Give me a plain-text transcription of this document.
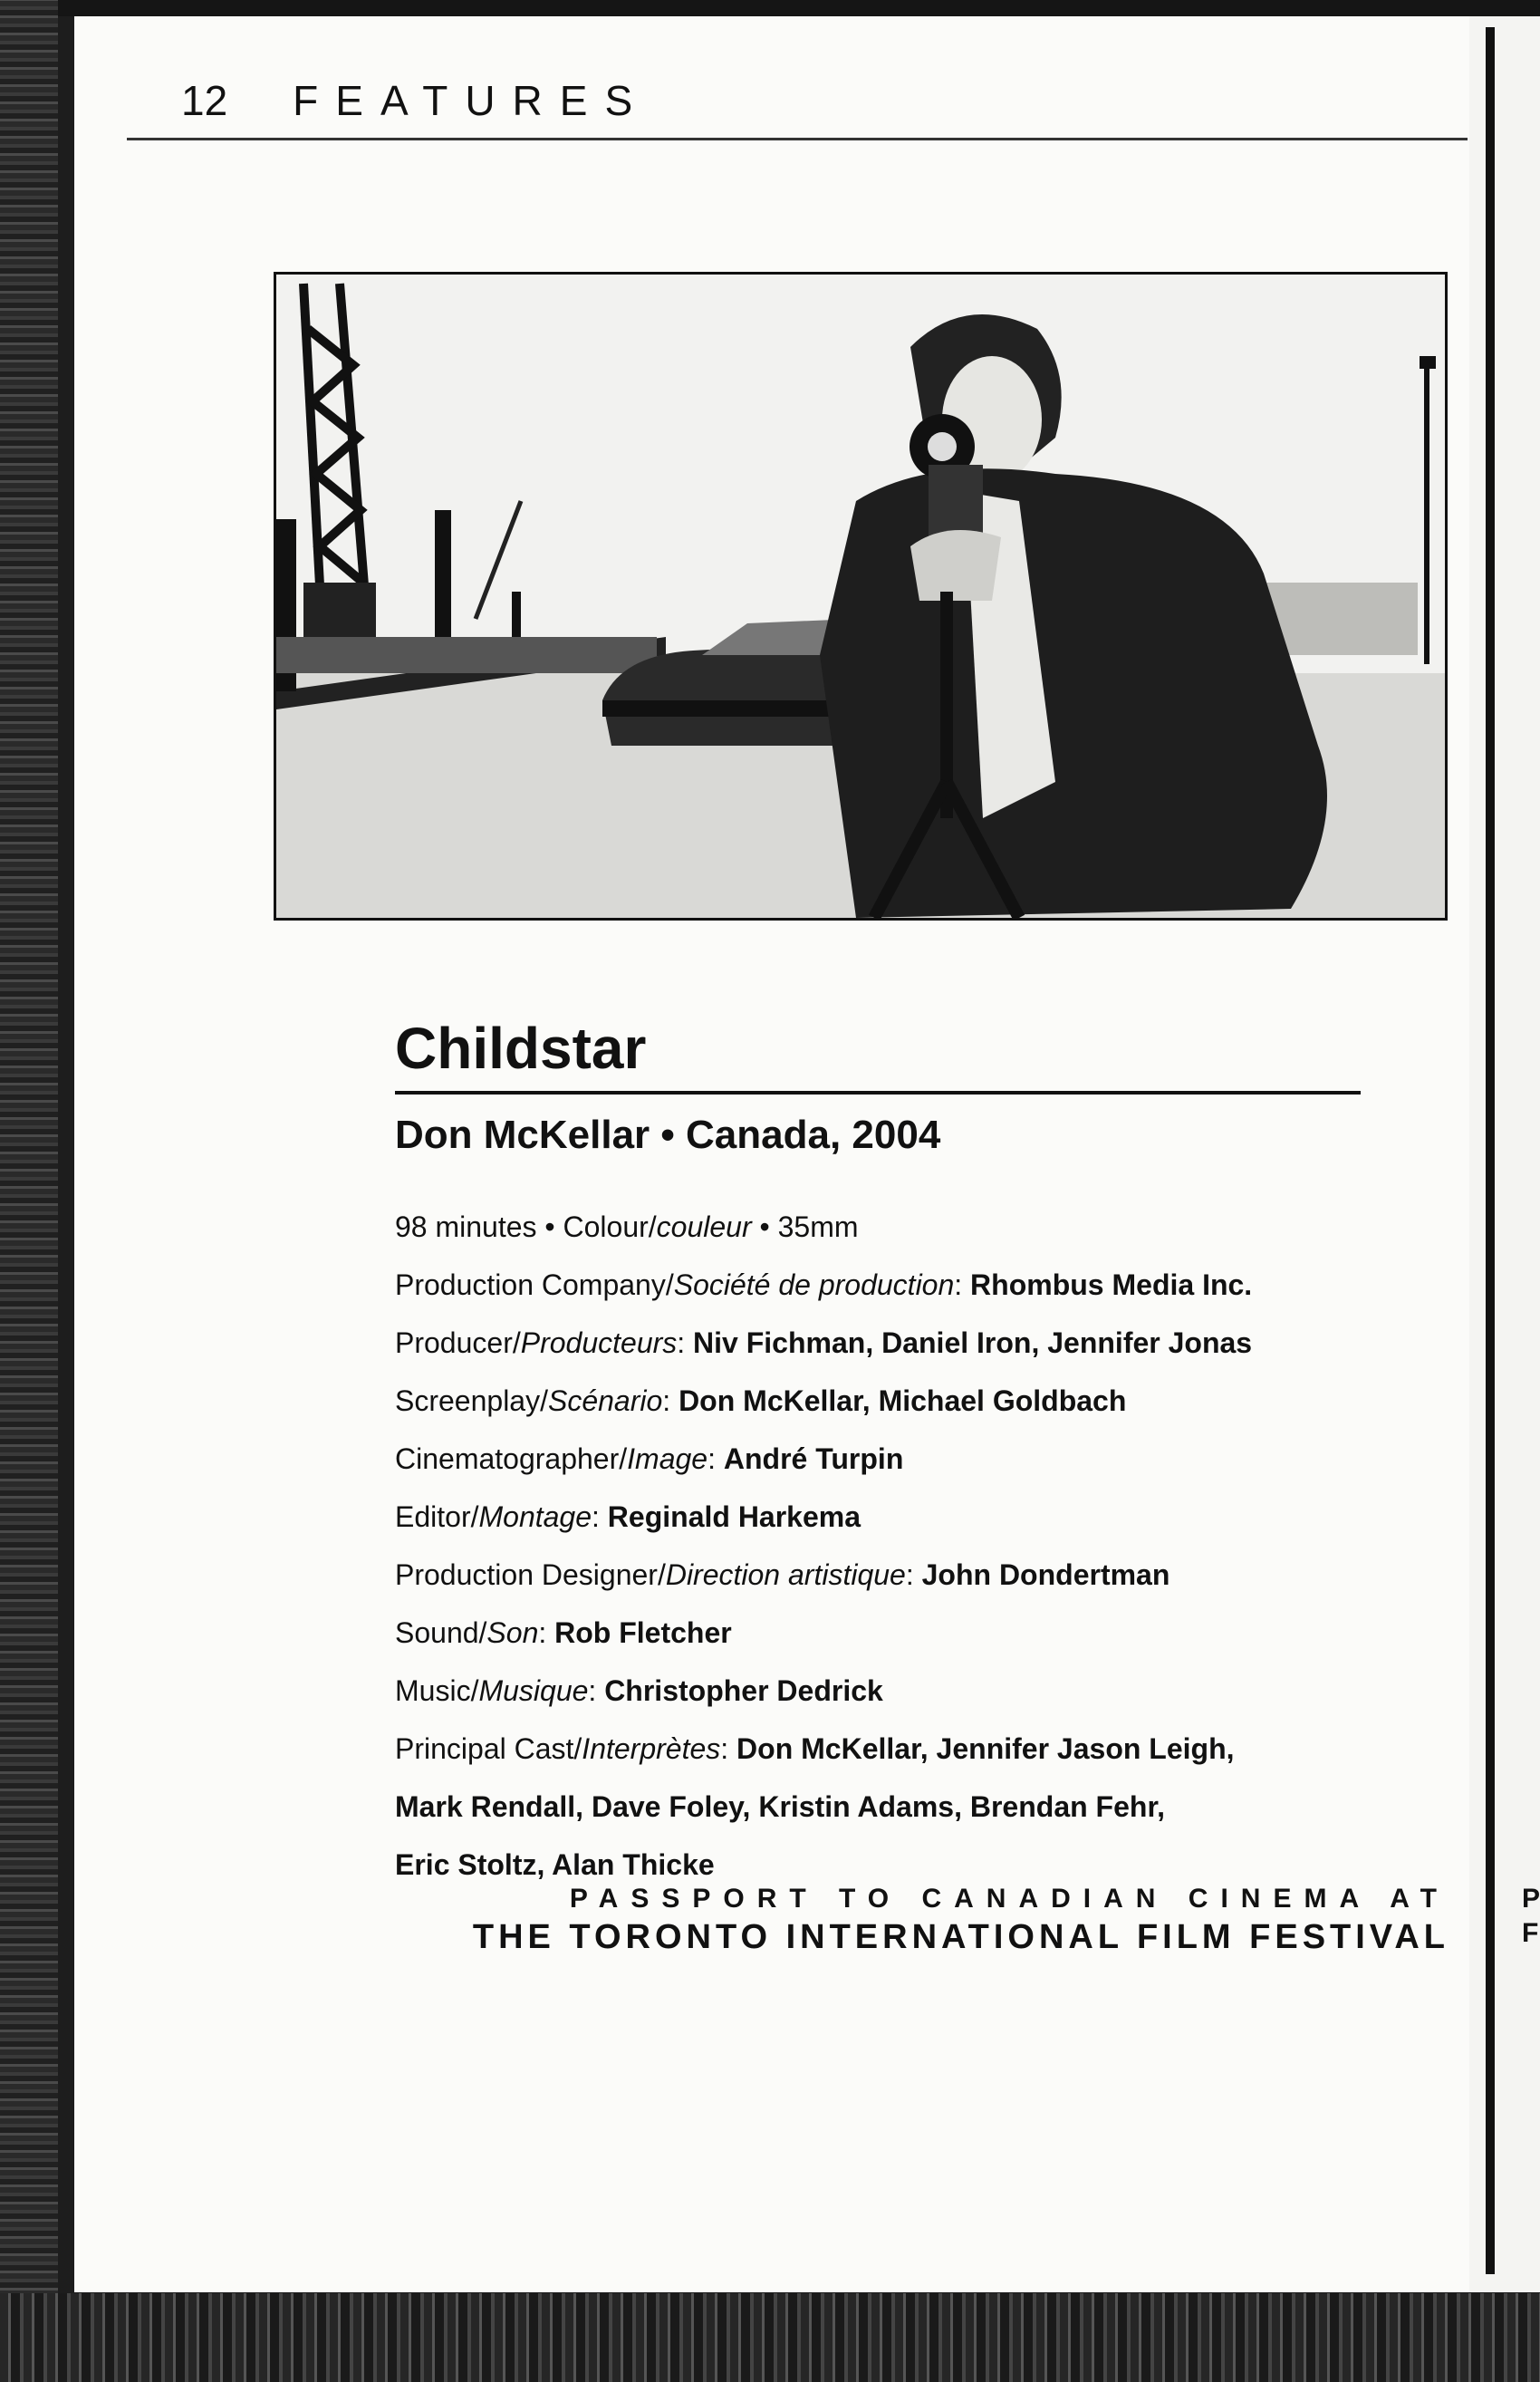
P
F
12 FEATURES
Childstar
Don McKellar • Canada, 2004
98 minutes • Colour/couleur • 35mm
Production Company/Société de production: Rhombus Media Inc.
Producer/Producteurs: Niv Fichman, Daniel Iron, Jennifer Jonas
Screenplay/Scénario: Don McKellar, Michael Goldbach
Cinematographer/Image: André Turpin
Editor/Montage: Reginald Harkema
Production Designer/Direction artistique: John Dondertman
Sound/Son: Rob Fletcher
Music/Musique: Christopher Dedrick
Principal Cast/Interprètes: Don McKellar, Jennifer Jason Leigh,
Mark Rendall, Dave Foley, Kristin Adams, Brendan Fehr,
Eric Stoltz, Alan Thicke
PASSPORT TO CANADIAN CINEMA AT
THE TORONTO INTERNATIONAL FILM FESTIVAL
